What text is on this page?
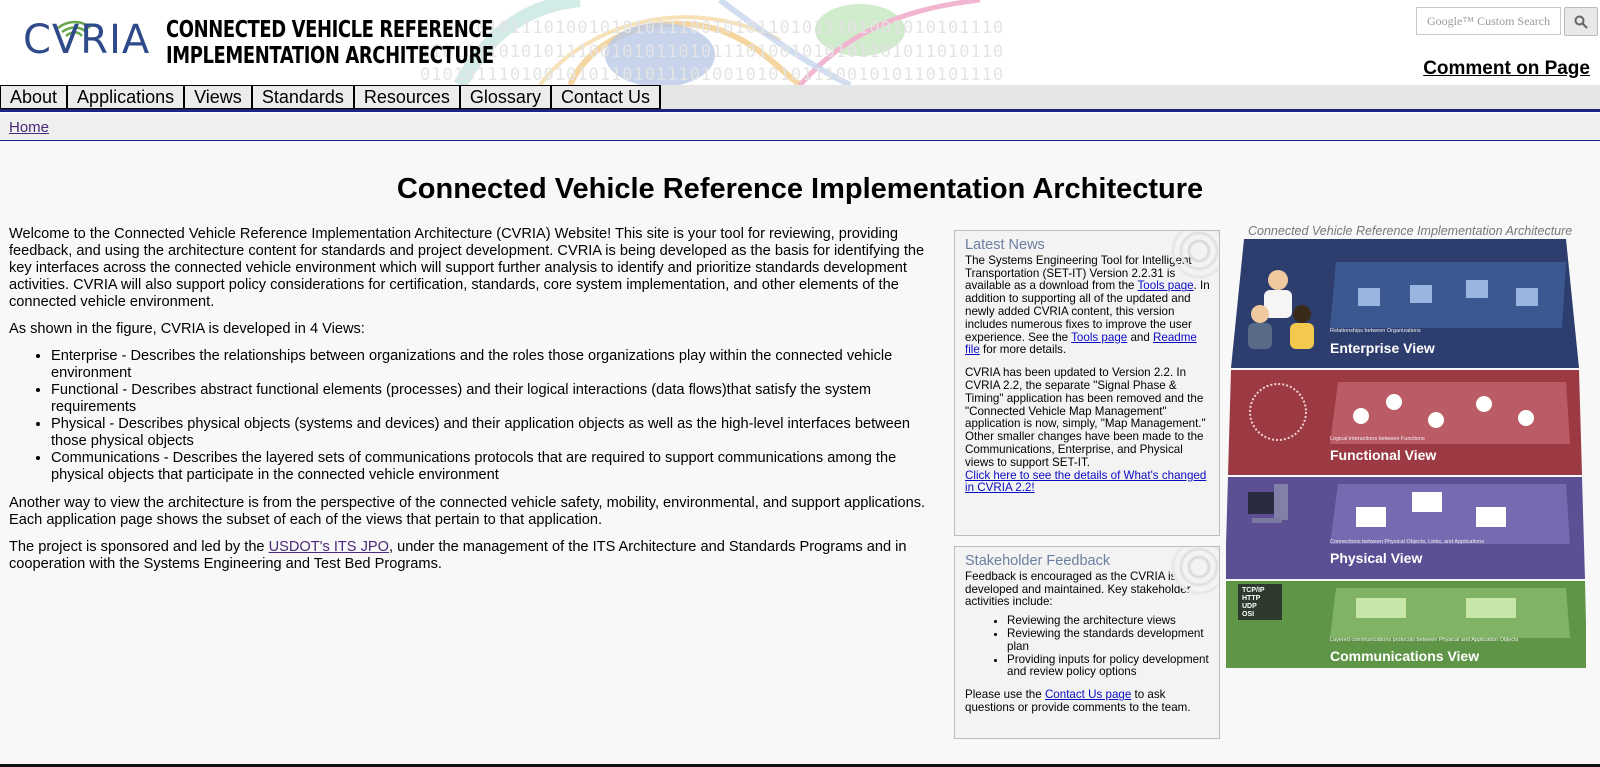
0101101011101001010101110010101101011101001010101110
1101001010101110010101101011101001010101101011010110
0101011101001010110101110100101010111001010110101110
CVRIA CONNECTED VEHICLE REFERENCE
IMPLEMENTATION ARCHITECTURE
Google™ Custom Search
Comment on Page
About	Applications	Views	Standards	Resources	Glossary	Contact Us
Home
Connected Vehicle Reference Implementation Architecture

Welcome to the Connected Vehicle Reference Implementation Architecture (CVRIA) Website! This site is your tool for reviewing, providing feedback, and using the architecture content for standards and project development. CVRIA is being developed as the basis for identifying the key interfaces across the connected vehicle environment which will support further analysis to identify and prioritize standards development activities. CVRIA will also support policy considerations for certification, standards, core system implementation, and other elements of the connected vehicle environment.

As shown in the figure, CVRIA is developed in 4 Views:

• Enterprise - Describes the relationships between organizations and the roles those organizations play within the connected vehicle environment
• Functional - Describes abstract functional elements (processes) and their logical interactions (data flows)that satisfy the system requirements
• Physical - Describes physical objects (systems and devices) and their application objects as well as the high-level interfaces between those physical objects
• Communications - Describes the layered sets of communications protocols that are required to support communications among the physical objects that participate in the connected vehicle environment

Another way to view the architecture is from the perspective of the connected vehicle safety, mobility, environmental, and support applications. Each application page shows the subset of each of the views that pertain to that application.

The project is sponsored and led by the USDOT's ITS JPO, under the management of the ITS Architecture and Standards Programs and in cooperation with the Systems Engineering and Test Bed Programs.

Latest News

The Systems Engineering Tool for Intelligent Transportation (SET-IT) Version 2.2.31 is available as a download from the Tools page. In addition to supporting all of the updated and newly added CVRIA content, this version includes numerous fixes to improve the user experience. See the Tools page and Readme file for more details.

CVRIA has been updated to Version 2.2. In CVRIA 2.2, the separate "Signal Phase & Timing" application has been removed and the "Connected Vehicle Map Management" application is now, simply, "Map Management." Other smaller changes have been made to the Communications, Enterprise, and Physical views to support SET-IT.
Click here to see the details of What's changed in CVRIA 2.2!

Stakeholder Feedback
Feedback is encouraged as the CVRIA is developed and maintained. Key stakeholder activities include:
• Reviewing the architecture views
• Reviewing the standards development plan
• Providing inputs for policy development and review policy options
Please use the Contact Us page to ask questions or provide comments to the team.
Connected Vehicle Reference Implementation Architecture
Enterprise View
Relationships between Organizations
Functional View
Logical interactions between Functions
Physical View
Connections between Physical Objects, Links, and Applications
Communications View
Layered communications protocols between Physical and Application Objects
TCP/IP
HTTP
UDP
OSI
